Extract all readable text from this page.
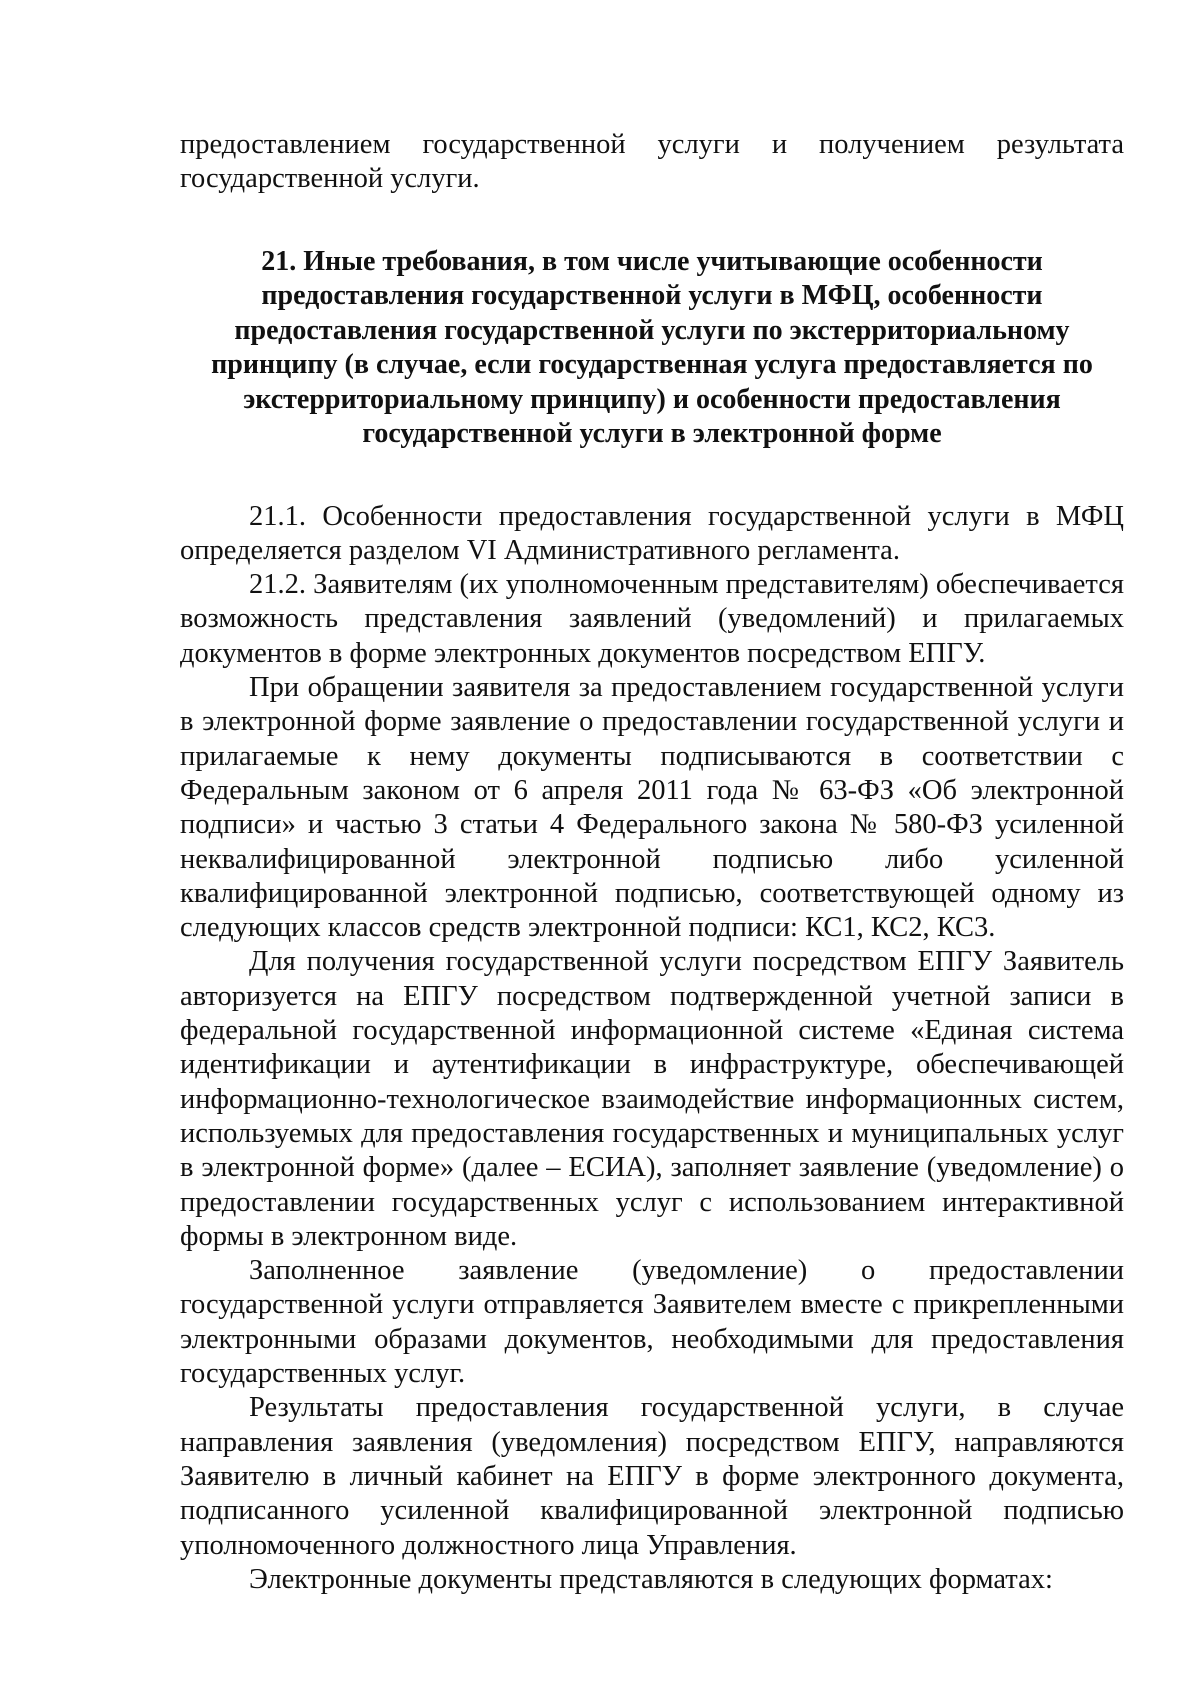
предоставлением государственной услуги и получением результата государственной услуги.

21. Иные требования, в том числе учитывающие особенности предоставления государственной услуги в МФЦ, особенности предоставления государственной услуги по экстерриториальному принципу (в случае, если государственная услуга предоставляется по экстерриториальному принципу) и особенности предоставления государственной услуги в электронной форме

21.1. Особенности предоставления государственной услуги в МФЦ определяется разделом VI Административного регламента.

21.2. Заявителям (их уполномоченным представителям) обеспечивается возможность представления заявлений (уведомлений) и прилагаемых документов в форме электронных документов посредством ЕПГУ.

При обращении заявителя за предоставлением государственной услуги в электронной форме заявление о предоставлении государственной услуги и прилагаемые к нему документы подписываются в соответствии с Федеральным законом от 6 апреля 2011 года № 63-ФЗ «Об электронной подписи» и частью 3 статьи 4 Федерального закона № 580-ФЗ усиленной неквалифицированной электронной подписью либо усиленной квалифицированной электронной подписью, соответствующей одному из следующих классов средств электронной подписи: КС1, КС2, КС3.

Для получения государственной услуги посредством ЕПГУ Заявитель авторизуется на ЕПГУ посредством подтвержденной учетной записи в федеральной государственной информационной системе «Единая система идентификации и аутентификации в инфраструктуре, обеспечивающей информационно-технологическое взаимодействие информационных систем, используемых для предоставления государственных и муниципальных услуг в электронной форме» (далее – ЕСИА), заполняет заявление (уведомление) о предоставлении государственных услуг с использованием интерактивной формы в электронном виде.

Заполненное заявление (уведомление) о предоставлении государственной услуги отправляется Заявителем вместе с прикрепленными электронными образами документов, необходимыми для предоставления государственных услуг.

Результаты предоставления государственной услуги, в случае направления заявления (уведомления) посредством ЕПГУ, направляются Заявителю в личный кабинет на ЕПГУ в форме электронного документа, подписанного усиленной квалифицированной электронной подписью уполномоченного должностного лица Управления.

Электронные документы представляются в следующих форматах:
